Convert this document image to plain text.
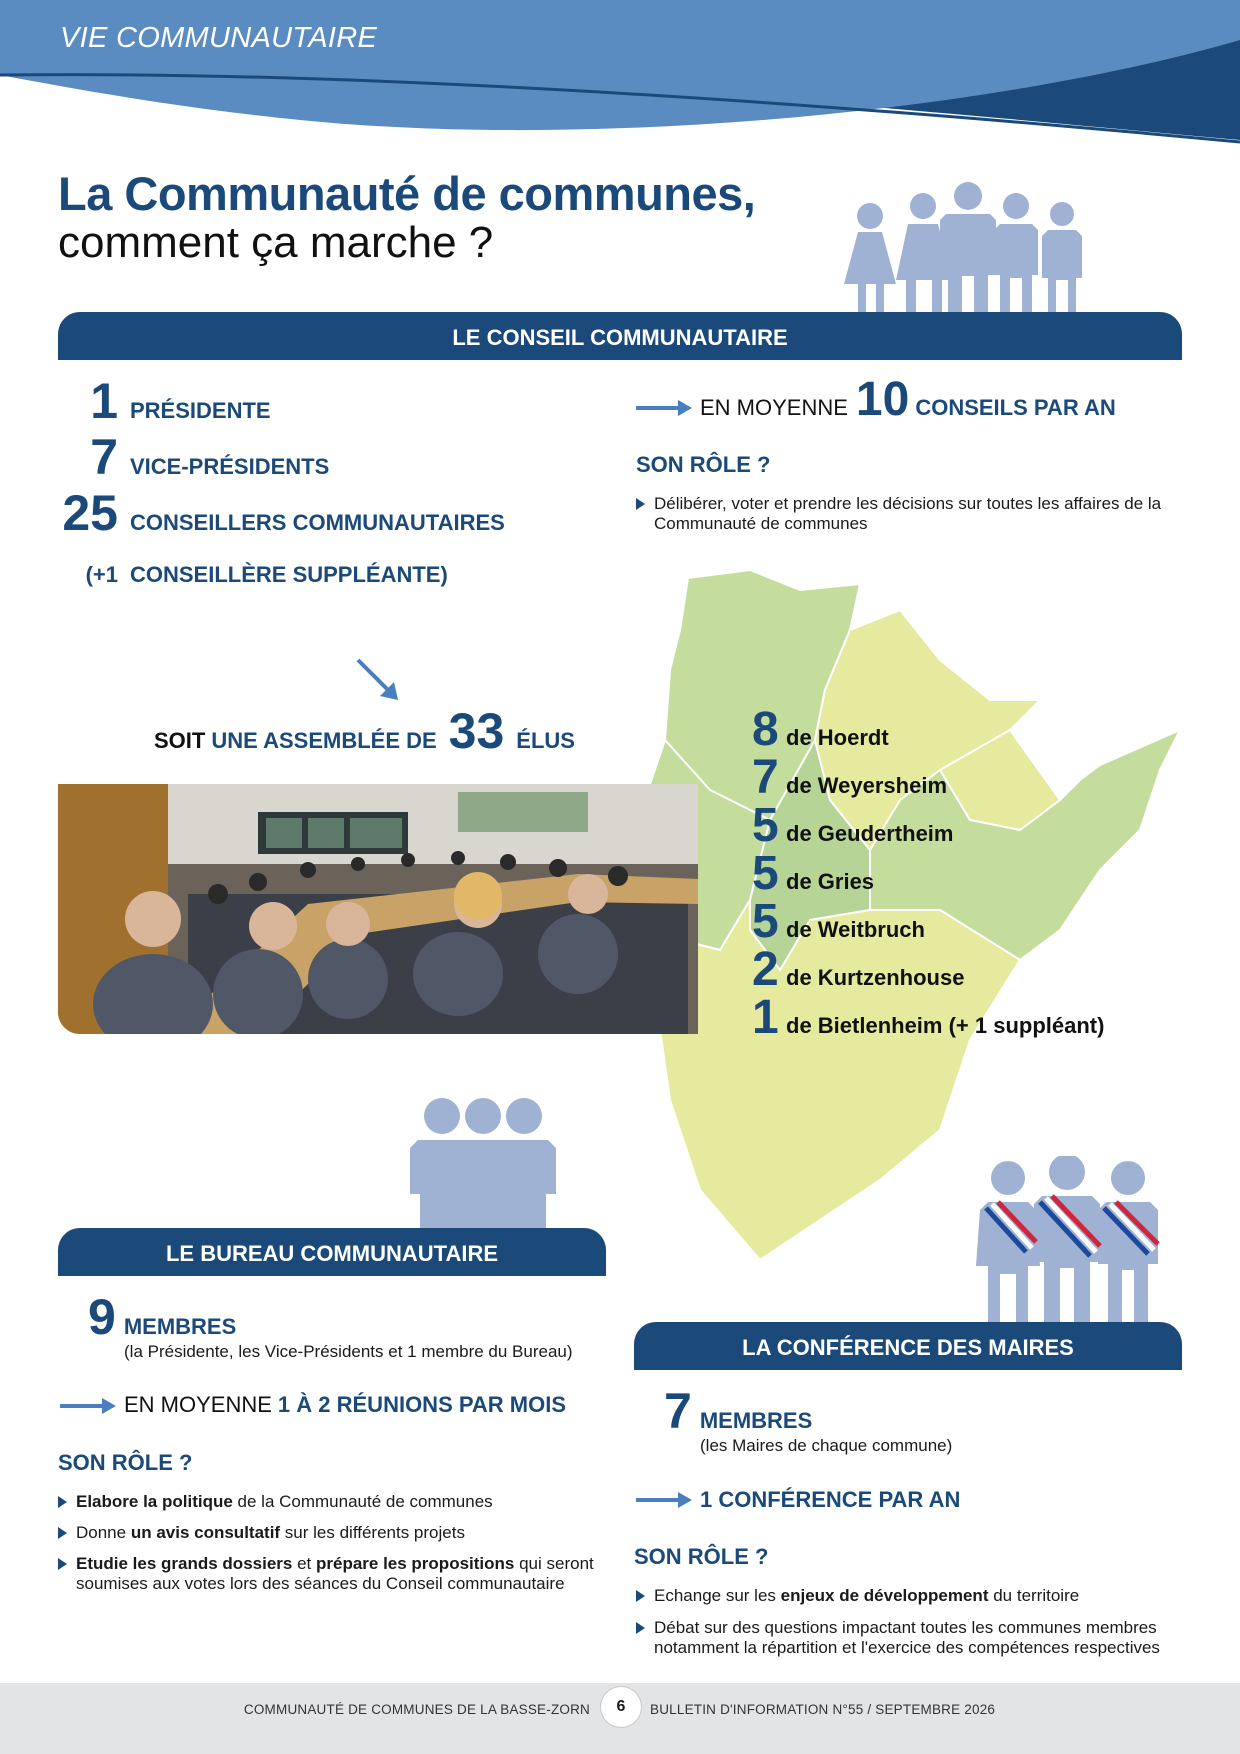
VIE COMMUNAUTAIRE
La Communauté de communes,
comment ça marche ?
LE CONSEIL COMMUNAUTAIRE
1 PRÉSIDENTE
7 VICE-PRÉSIDENTS
25 CONSEILLERS COMMUNAUTAIRES
(+1 CONSEILLÈRE SUPPLÉANTE)
EN MOYENNE 10 CONSEILS PAR AN
SON RÔLE ?
Délibérer, voter et prendre les décisions sur toutes les affaires de la Communauté de communes
SOIT UNE ASSEMBLÉE DE 33 ÉLUS	8 de Hoerdt
7 de Weyersheim
5 de Geudertheim
5 de Gries
5 de Weitbruch
2 de Kurtzenhouse
1 de Bietlenheim (+ 1 suppléant)
LE BUREAU COMMUNAUTAIRE
9 MEMBRES
(la Présidente, les Vice-Présidents et 1 membre du Bureau)
EN MOYENNE 1 À 2 RÉUNIONS PAR MOIS
SON RÔLE ?
Elabore la politique de la Communauté de communes
Donne un avis consultatif sur les différents projets
Etudie les grands dossiers et prépare les propositions qui seront soumises aux votes lors des séances du Conseil communautaire
LA CONFÉRENCE DES MAIRES
7 MEMBRES
(les Maires de chaque commune)
1 CONFÉRENCE PAR AN
SON RÔLE ?
Echange sur les enjeux de développement du territoire
Débat sur des questions impactant toutes les communes membres notamment la répartition et l'exercice des compétences respectives
COMMUNAUTÉ DE COMMUNES DE LA BASSE-ZORN	6	BULLETIN D'INFORMATION N°55 / SEPTEMBRE 2026
